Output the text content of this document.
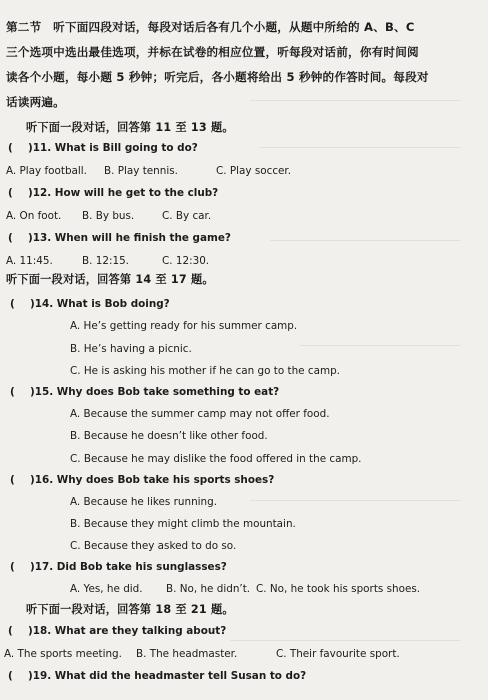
第二节　听下面四段对话，每段对话后各有几个小题，从题中所给的 A、B、C
三个选项中选出最佳选项，并标在试卷的相应位置，听每段对话前，你有时间阅
读各个小题，每小题 5 秒钟；听完后，各小题将给出 5 秒钟的作答时间。每段对
话读两遍。
听下面一段对话，回答第 11 至 13 题。
( )11. What is Bill going to do?
A. Play football. B. Play tennis.	C. Play soccer.
( )12. How will he get to the club?
A. On foot. B. By bus.	C. By car.
( )13. When will he finish the game?
A. 11:45.	B. 12:15.	C. 12:30.
听下面一段对话，回答第 14 至 17 题。
( )14. What is Bob doing?
A. He’s getting ready for his summer camp.
B. He’s having a picnic.
C. He is asking his mother if he can go to the camp.
( )15. Why does Bob take something to eat?
A. Because the summer camp may not offer food.
B. Because he doesn’t like other food.
C. Because he may dislike the food offered in the camp.
( )16. Why does Bob take his sports shoes?
A. Because he likes running.
B. Because they might climb the mountain.
C. Because they asked to do so.
( )17. Did Bob take his sunglasses?
A. Yes, he did. B. No, he didn’t. C. No, he took his sports shoes.
听下面一段对话，回答第 18 至 21 题。
( )18. What are they talking about?
A. The sports meeting. B. The headmaster.	C. Their favourite sport.
( )19. What did the headmaster tell Susan to do?
